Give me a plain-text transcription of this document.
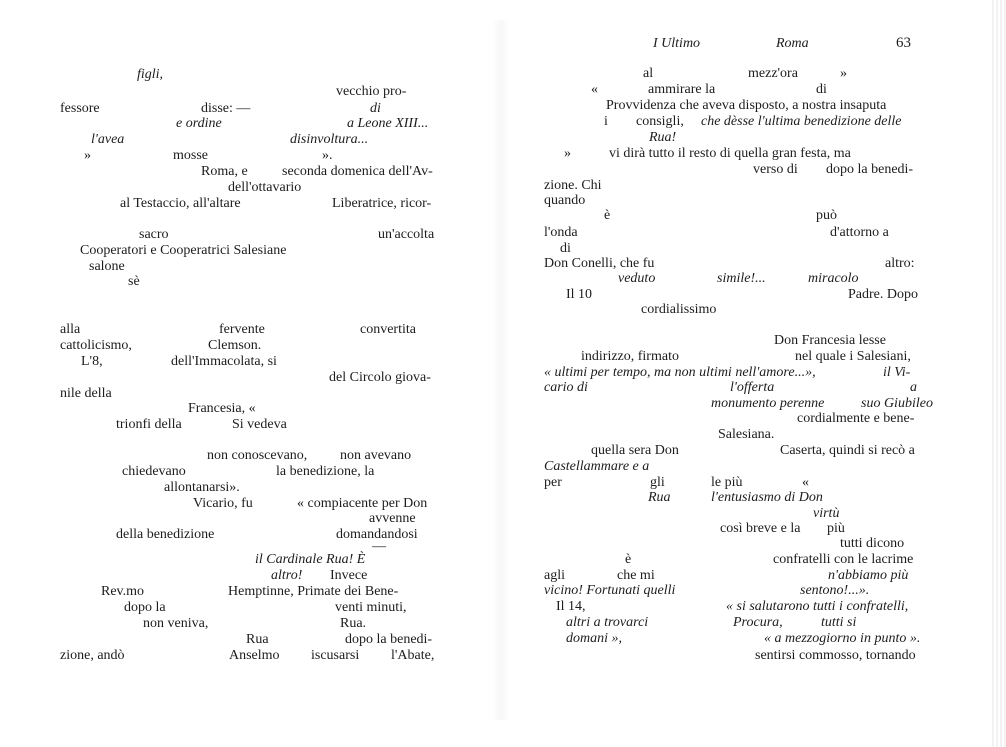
I Ultimo	Roma	63
figli,
vecchio pro-
fessore	disse: —	di
e ordine	a Leone XIII...
l'avea	disinvoltura...
»	mosse	».
Roma, e seconda domenica dell'Av-
dell'ottavario
al Testaccio, all'altare	Liberatrice, ricor-
sacro	un'accolta
Cooperatori e Cooperatrici Salesiane
salone
sè
alla	fervente	convertita
cattolicismo,	Clemson.
L'8,	dell'Immacolata, si
del Circolo giova-
nile della
Francesia, «
trionfi della	Si vedeva
non conoscevano, non avevano
chiedevano	la benedizione, la
allontanarsi».
Vicario, fu	« compiacente per Don
avvenne
della benedizione	domandandosi
—
il Cardinale Rua! È
altro! Invece
Rev.mo	Hemptinne, Primate dei Bene-
dopo la	venti minuti,
non veniva,	Rua.
Rua	dopo la benedi-
zione, andò	Anselmo iscusarsi l'Abate,
al	mezz'ora	»
«	ammirare la	di
Provvidenza che aveva disposto, a nostra insaputa
i consigli, che dèsse l'ultima benedizione delle
Rua!
»	vi dirà tutto il resto di quella gran festa, ma
verso di dopo la benedi-
zione. Chi
quando
è	può
l'onda	d'attorno a
di
Don Conelli, che fu	altro:
veduto	simile!...	miracolo
Il 10	Padre. Dopo
cordialissimo
Don Francesia lesse
indirizzo, firmato	nel quale i Salesiani,
« ultimi per tempo, ma non ultimi nell'amore...»,	il Vi-
cario di	l'offerta	a
monumento perenne	suo Giubileo
cordialmente e bene-
Salesiana.
quella sera Don	Caserta, quindi si recò a
Castellammare e a
per	gli	le più	«
Rua	l'entusiasmo di Don
virtù
così breve e la più
tutti dicono
è	confratelli con le lacrime
agli	che mi	n'abbiamo più
vicino! Fortunati quelli	sentono!...».
Il 14,	« si salutarono tutti i confratelli,
altri a trovarci	Procura,	tutti si
domani »,	« a mezzogiorno in punto ».
sentirsi commosso, tornando
